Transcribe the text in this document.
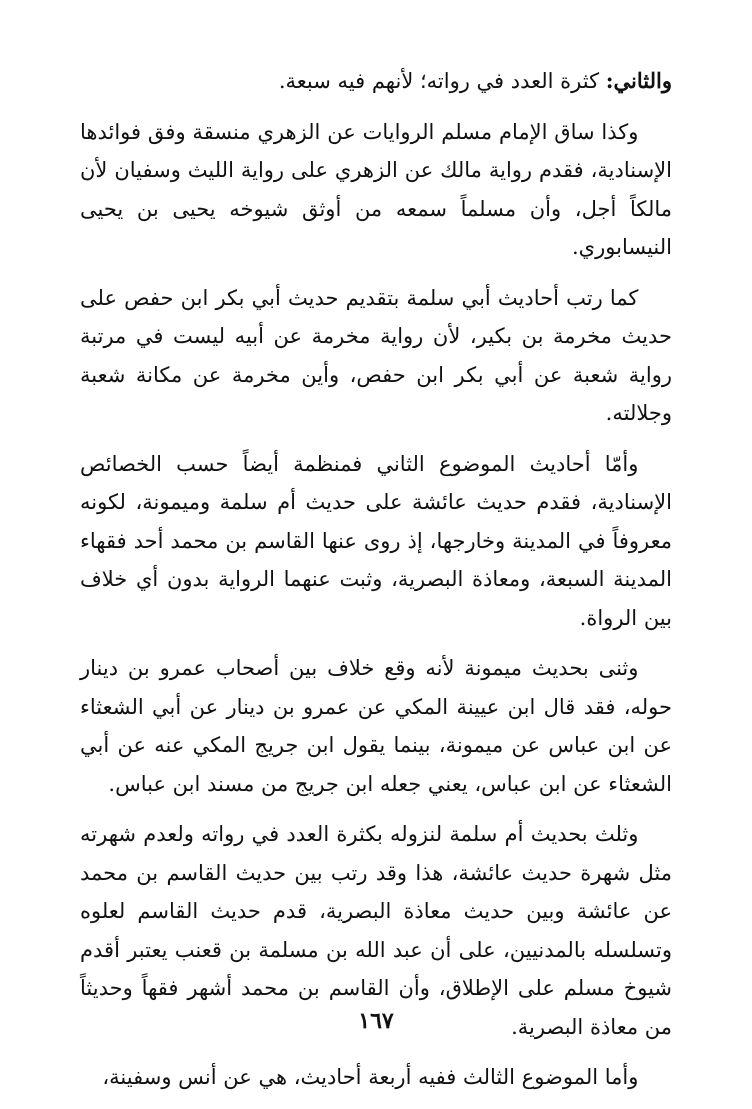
والثاني: كثرة العدد في رواته؛ لأنهم فيه سبعة.

وكذا ساق الإمام مسلم الروايات عن الزهري منسقة وفق فوائدها الإسنادية، فقدم رواية مالك عن الزهري على رواية الليث وسفيان لأن مالكاً أجل، وأن مسلماً سمعه من أوثق شيوخه يحيى بن يحيى النيسابوري.

كما رتب أحاديث أبي سلمة بتقديم حديث أبي بكر ابن حفص على حديث مخرمة بن بكير، لأن رواية مخرمة عن أبيه ليست في مرتبة رواية شعبة عن أبي بكر ابن حفص، وأين مخرمة عن مكانة شعبة وجلالته.

وأمّا أحاديث الموضوع الثاني فمنظمة أيضاً حسب الخصائص الإسنادية، فقدم حديث عائشة على حديث أم سلمة وميمونة، لكونه معروفاً في المدينة وخارجها، إذ روى عنها القاسم بن محمد أحد فقهاء المدينة السبعة، ومعاذة البصرية، وثبت عنهما الرواية بدون أي خلاف بين الرواة.

وثنى بحديث ميمونة لأنه وقع خلاف بين أصحاب عمرو بن دينار حوله، فقد قال ابن عيينة المكي عن عمرو بن دينار عن أبي الشعثاء عن ابن عباس عن ميمونة، بينما يقول ابن جريج المكي عنه عن أبي الشعثاء عن ابن عباس، يعني جعله ابن جريج من مسند ابن عباس.

وثلث بحديث أم سلمة لنزوله بكثرة العدد في رواته ولعدم شهرته مثل شهرة حديث عائشة، هذا وقد رتب بين حديث القاسم بن محمد عن عائشة وبين حديث معاذة البصرية، قدم حديث القاسم لعلوه وتسلسله بالمدنيين، على أن عبد الله بن مسلمة بن قعنب يعتبر أقدم شيوخ مسلم على الإطلاق، وأن القاسم بن محمد أشهر فقهاً وحديثاً من معاذة البصرية.

وأما الموضوع الثالث ففيه أربعة أحاديث، هي عن أنس وسفينة،

١٦٧
